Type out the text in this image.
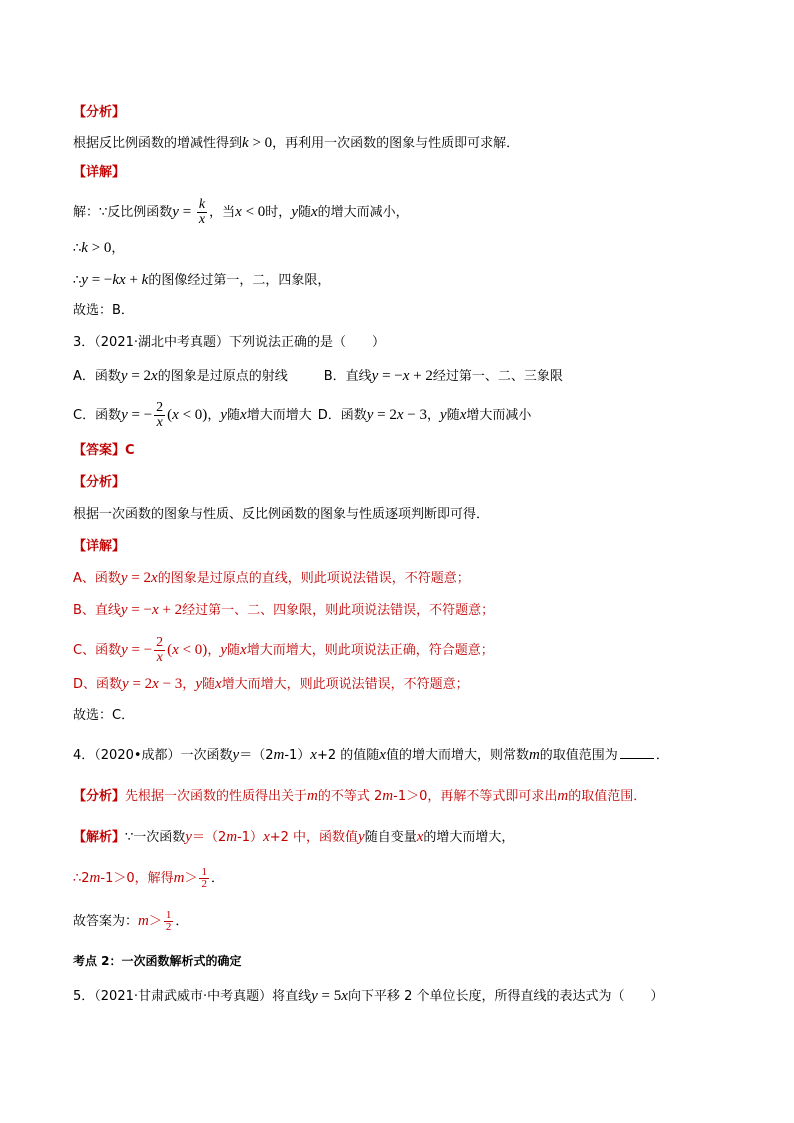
【分析】
根据反比例函数的增减性得到k > 0，再利用一次函数的图象与性质即可求解．
【详解】
解：∵反比例函数$y = \frac{k}{x}$ ，当x < 0时，y随x的增大而减小，
∴k > 0，
∴y = −kx + k的图像经过第一，二，四象限，
故选：B．
3．（2021·湖北中考真题）下列说法正确的是（　　）
A．函数y = 2x的图象是过原点的射线	B．直线y = −x + 2经过第一、二、三象限
C．函数y = − $\frac{2}{x} (x < 0)$，y随x增大而增大 D．函数y = 2x − 3，y随x增大而减小
【答案】C
【分析】
根据一次函数的图象与性质、反比例函数的图象与性质逐项判断即可得．
【详解】
A、函数y = 2x的图象是过原点的直线，则此项说法错误，不符题意；
B、直线y = −x + 2经过第一、二、四象限，则此项说法错误，不符题意；
C、函数y = − $\frac{2}{x} (x < 0)$，y随x增大而增大，则此项说法正确，符合题意；
D、函数y = 2x − 3，y随x增大而增大，则此项说法错误，不符题意；
故选：C．
4．（2020•成都）一次函数y＝（2m-1）x+2 的值随x值的增大而增大，则常数m的取值范围为	．
【分析】先根据一次函数的性质得出关于m的不等式 2m-1＞0，再解不等式即可求出m的取值范围．
【解析】∵一次函数y＝（2m-1）x+2 中，函数值y随自变量x的增大而增大，
∴2m-1＞0，解得$m> \frac{1}{2}$ ．
故答案为：$m> \frac{1}{2}$ ．
考点 2：一次函数解析式的确定
5．（2021·甘肃武威市·中考真题）将直线y = 5x向下平移 2 个单位长度，所得直线的表达式为（　　）
